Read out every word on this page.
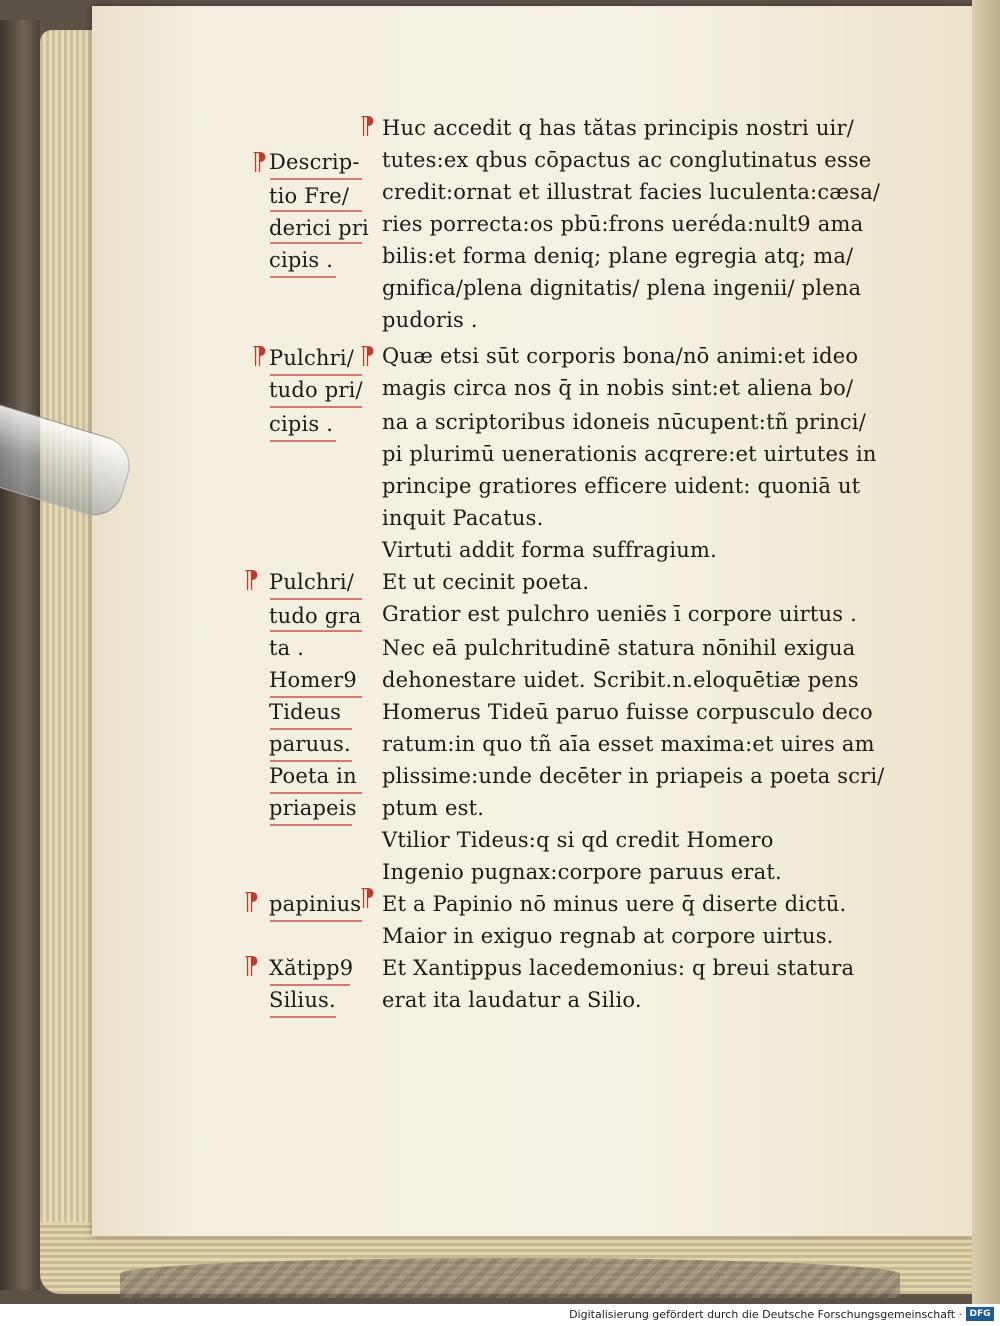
⁋
⁋
⁋	⁋
⁋
⁋	⁋
⁋
Huc accedit q has tătas principis nostri uir/
tutes:ex qbus cōpactus ac conglutinatus esse
credit:ornat et illustrat facies luculenta:cæsa/
ries porrecta:os pbū:frons ueréda:nult9 ama
bilis:et forma deniq; plane egregia atq; ma/
gnifica/plena dignitatis/ plena ingenii/ plena
pudoris .
Quæ etsi sūt corporis bona/nō animi:et ideo
magis circa nos q̄ in nobis sint:et aliena bo/
na a scriptoribus idoneis nūcupent:tñ princi/
pi plurimū uenerationis acqrere:et uirtutes in
principe gratiores efficere uident: quoniā ut
inquit Pacatus.
Virtuti addit forma suffragium.
Et ut cecinit poeta.
Gratior est pulchro ueniēs ī corpore uirtus .
Nec eā pulchritudinē statura nōnihil exigua
dehonestare uidet. Scribit.n.eloquētiæ pens
Homerus Tideū paruo fuisse corpusculo deco
ratum:in quo tñ aīa esset maxima:et uires am
plissime:unde decēter in priapeis a poeta scri/
ptum est.
Vtilior Tideus:q si qd credit Homero
Ingenio pugnax:corpore paruus erat.
Et a Papinio nō minus uere q̄ diserte dictū.
Maior in exiguo regnab at corpore uirtus.
Et Xantippus lacedemonius: q breui statura
erat ita laudatur a Silio.
Descrip-
tio Fre/
derici pri
cipis .
Pulchri/
tudo pri/
cipis .
Pulchri/
tudo gra
ta .
Homer9
Tideus
paruus.
Poeta in
priapeis
papinius
Xătipp9
Silius.
Digitalisierung gefördert durch die Deutsche Forschungsgemeinschaft · DFG
